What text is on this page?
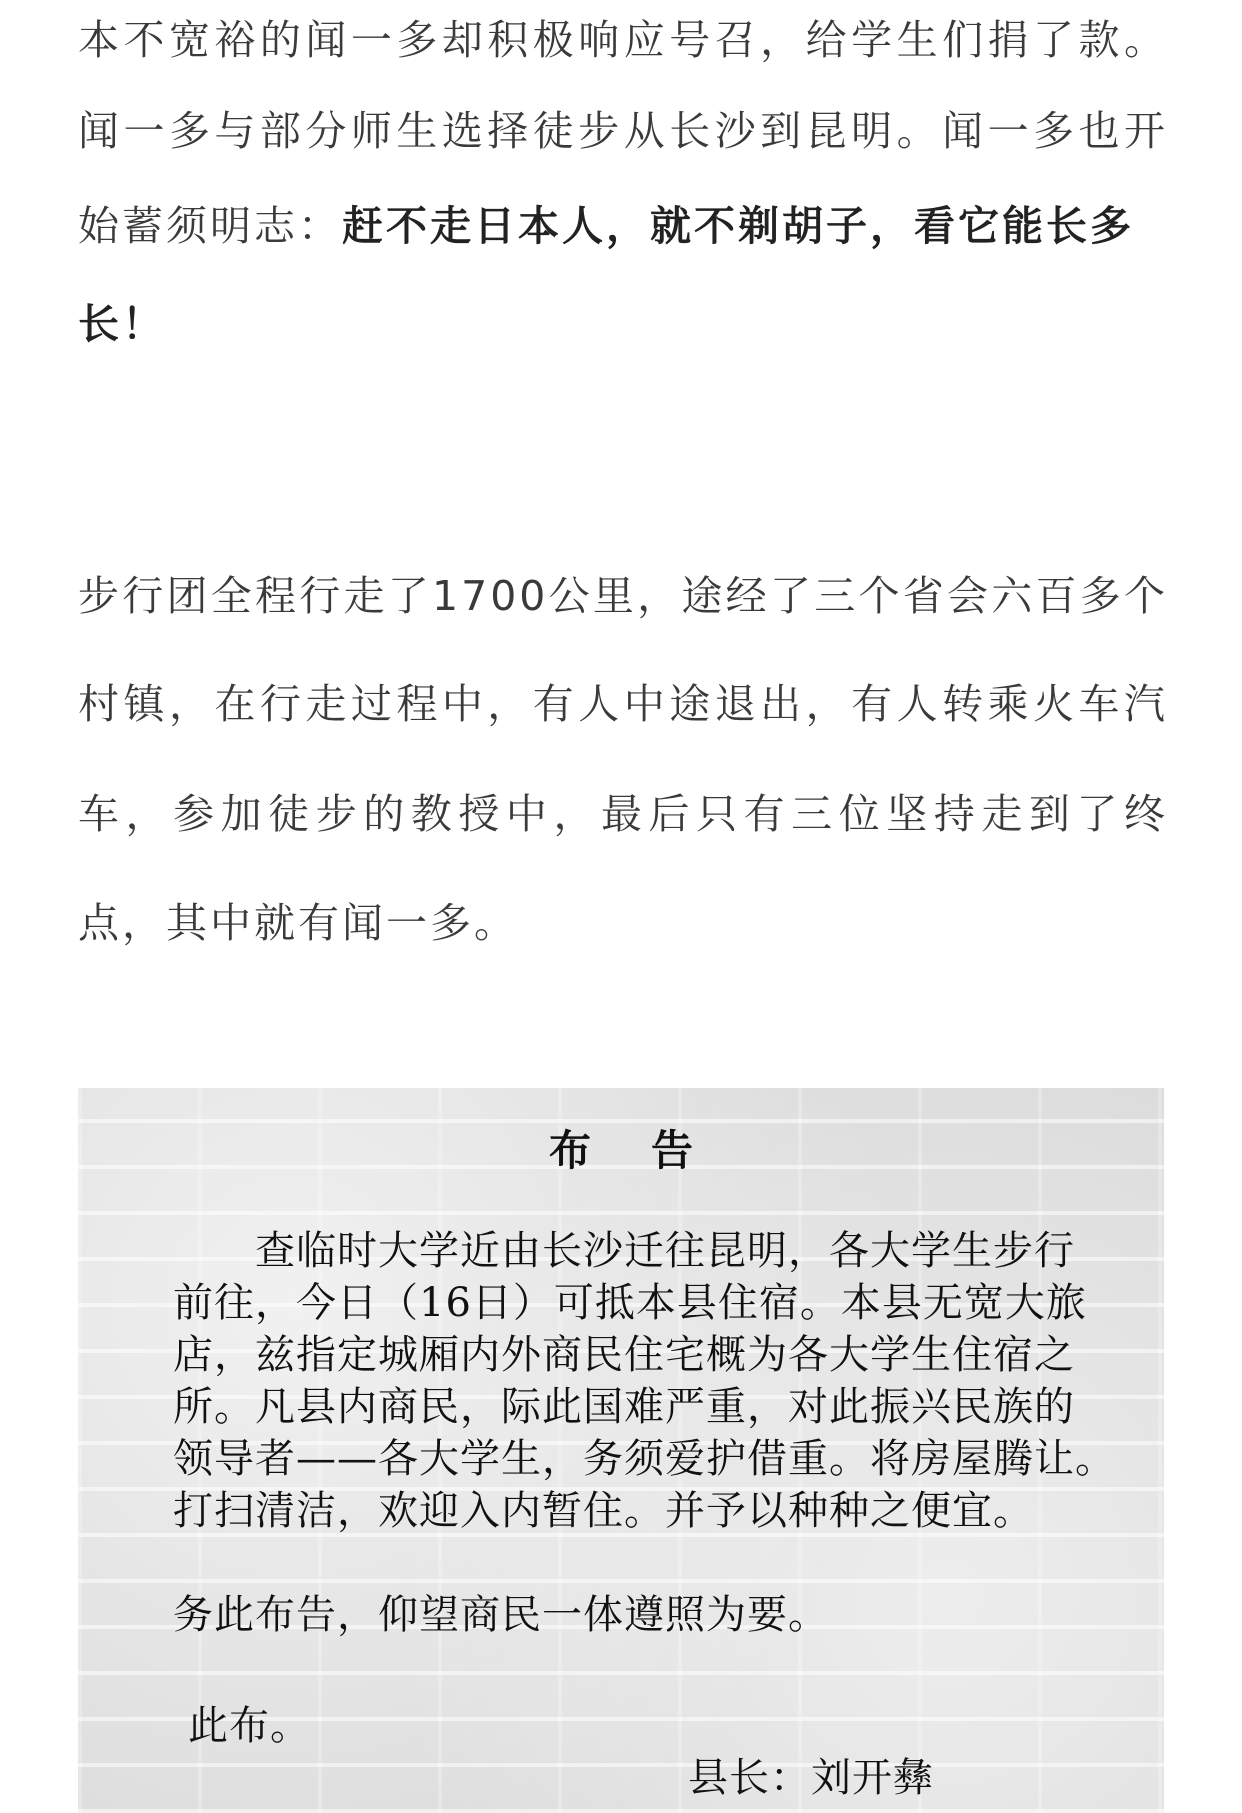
本不宽裕的闻一多却积极响应号召，给学生们捐了款。
闻一多与部分师生选择徒步从长沙到昆明。闻一多也开
始蓄须明志：赶不走日本人，就不剃胡子，看它能长多
长！
步行团全程行走了1700公里，途经了三个省会六百多个
村镇，在行走过程中，有人中途退出，有人转乘火车汽
车，参加徒步的教授中，最后只有三位坚持走到了终
点，其中就有闻一多。
布告
　　查临时大学近由长沙迁往昆明，各大学生步行
前往，今日（16日）可抵本县住宿。本县无宽大旅
店，兹指定城厢内外商民住宅概为各大学生住宿之
所。凡县内商民，际此国难严重，对此振兴民族的
领导者——各大学生，务须爱护借重。将房屋腾让。
打扫清洁，欢迎入内暂住。并予以种种之便宜。
务此布告，仰望商民一体遵照为要。
此布。
县长：刘开彝
